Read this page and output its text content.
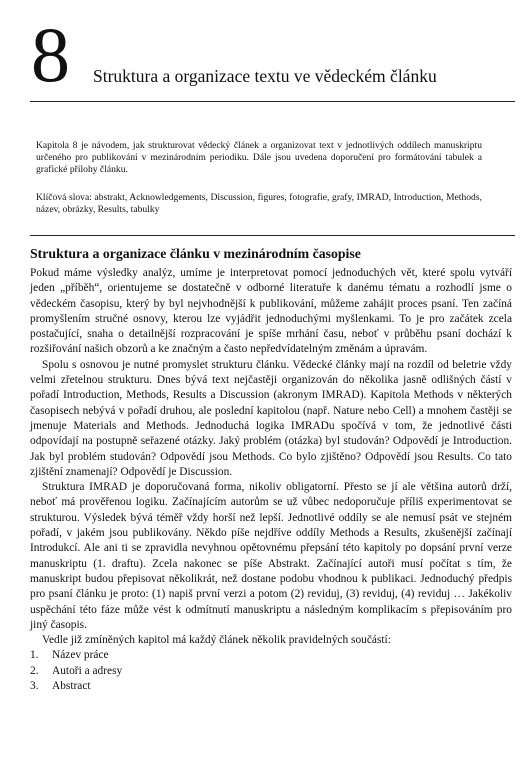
8 Struktura a organizace textu ve vědeckém článku

Kapitola 8 je návodem, jak strukturovat vědecký článek a organizovat text v jednotlivých oddílech manuskriptu určeného pro publikování v mezinárodním periodiku. Dále jsou uvedena doporučení pro formátování tabulek a grafické přílohy článku.

Klíčová slova: abstrakt, Acknowledgements, Discussion, figures, fotografie, grafy, IMRAD, Introduction, Methods, název, obrázky, Results, tabulky

Struktura a organizace článku v mezinárodním časopise

Pokud máme výsledky analýz, umíme je interpretovat pomocí jednoduchých vět, které spolu vytváří jeden „příběh“, orientujeme se dostatečně v odborné literatuře k danému tématu a rozhodlí jsme o vědeckém časopisu, který by byl nejvhodnější k publikování, můžeme zahájit proces psaní. Ten začíná promyšlením stručné osnovy, kterou lze vyjádřit jednoduchými myšlenkami. To je pro začátek zcela postačující, snaha o detailnější rozpracování je spíše mrhání času, neboť v průběhu psaní dochází k rozšiřování našich obzorů a ke značným a často nepředvídatelným změnám a úpravám.

Spolu s osnovou je nutné promyslet strukturu článku. Vědecké články mají na rozdíl od beletrie vždy velmi zřetelnou strukturu. Dnes bývá text nejčastěji organizován do několika jasně odlišných částí v pořadí Introduction, Methods, Results a Discussion (akronym IMRAD). Kapitola Methods v některých časopisech nebývá v pořadí druhou, ale poslední kapitolou (např. Nature nebo Cell) a mnohem častěji se jmenuje Materials and Methods. Jednoduchá logika IMRADu spočívá v tom, že jednotlivé části odpovídají na postupně seřazené otázky. Jaký problém (otázka) byl studován? Odpovědí je Introduction. Jak byl problém studován? Odpovědí jsou Methods. Co bylo zjištěno? Odpovědí jsou Results. Co tato zjištění znamenají? Odpovědí je Discussion.

Struktura IMRAD je doporučovaná forma, nikoliv obligatorní. Přesto se jí ale většina autorů drží, neboť má prověřenou logiku. Začínajícím autorům se už vůbec nedoporučuje příliš experimentovat se strukturou. Výsledek bývá téměř vždy horší než lepší. Jednotlivé oddíly se ale nemusí psát ve stejném pořadí, v jakém jsou publikovány. Někdo píše nejdříve oddíly Methods a Results, zkušenější začínají Introdukcí. Ale ani ti se zpravidla nevyhnou opětovnému přepsání této kapitoly po dopsání první verze manuskriptu (1. draftu). Zcela nakonec se píše Abstrakt. Začínající autoři musí počítat s tím, že manuskript budou přepisovat několikrát, než dostane podobu vhodnou k publikaci. Jednoduchý předpis pro psaní článku je proto: (1) napiš první verzi a potom (2) reviduj, (3) reviduj, (4) reviduj … Jakékoliv uspěchání této fáze může vést k odmítnutí manuskriptu a následným komplikacím s přepisováním pro jiný časopis.

Vedle již zmíněných kapitol má každý článek několik pravidelných součástí:

1.	Název práce
2.	Autoři a adresy
3.	Abstract
